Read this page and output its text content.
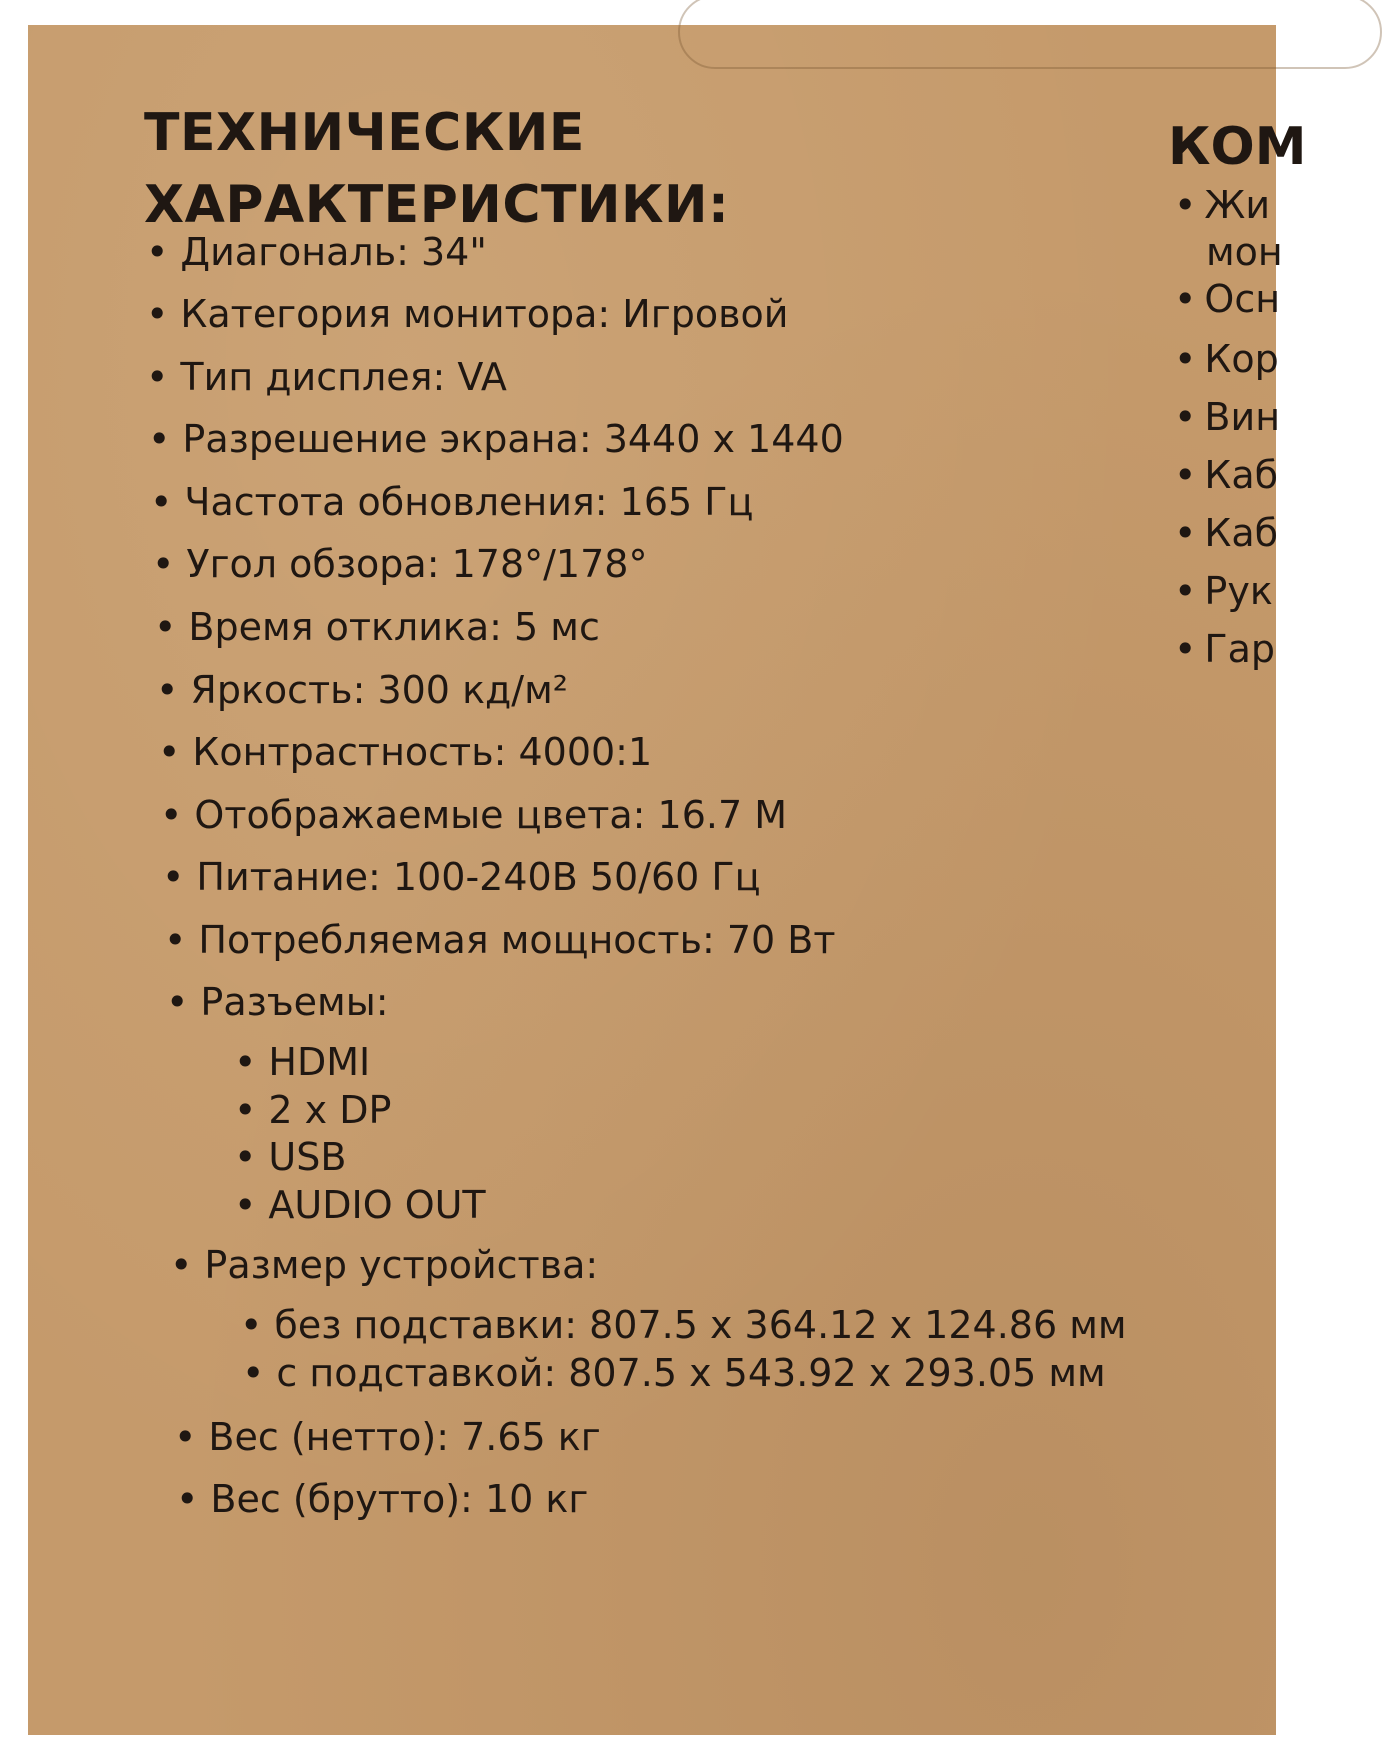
ТЕХНИЧЕСКИЕ
ХАРАКТЕРИСТИКИ:
• Диагональ: 34"
• Категория монитора: Игровой
• Тип дисплея: VA
• Разрешение экрана: 3440 x 1440
• Частота обновления: 165 Гц
• Угол обзора: 178°/178°
• Время отклика: 5 мс
• Яркость: 300 кд/м²
• Контрастность: 4000:1
• Отображаемые цвета: 16.7 M
• Питание: 100-240В 50/60 Гц
• Потребляемая мощность: 70 Вт
• Разъемы:
• HDMI
• 2 x DP
• USB
• AUDIO OUT
• Размер устройства:
• без подставки: 807.5 x 364.12 x 124.86 мм
• с подставкой: 807.5 x 543.92 x 293.05 мм
• Вес (нетто): 7.65 кг
• Вес (брутто): 10 кг
КОМ
• Жи
мон
• Осн
• Кор
• Вин
• Каб
• Каб
• Рук
• Гар
